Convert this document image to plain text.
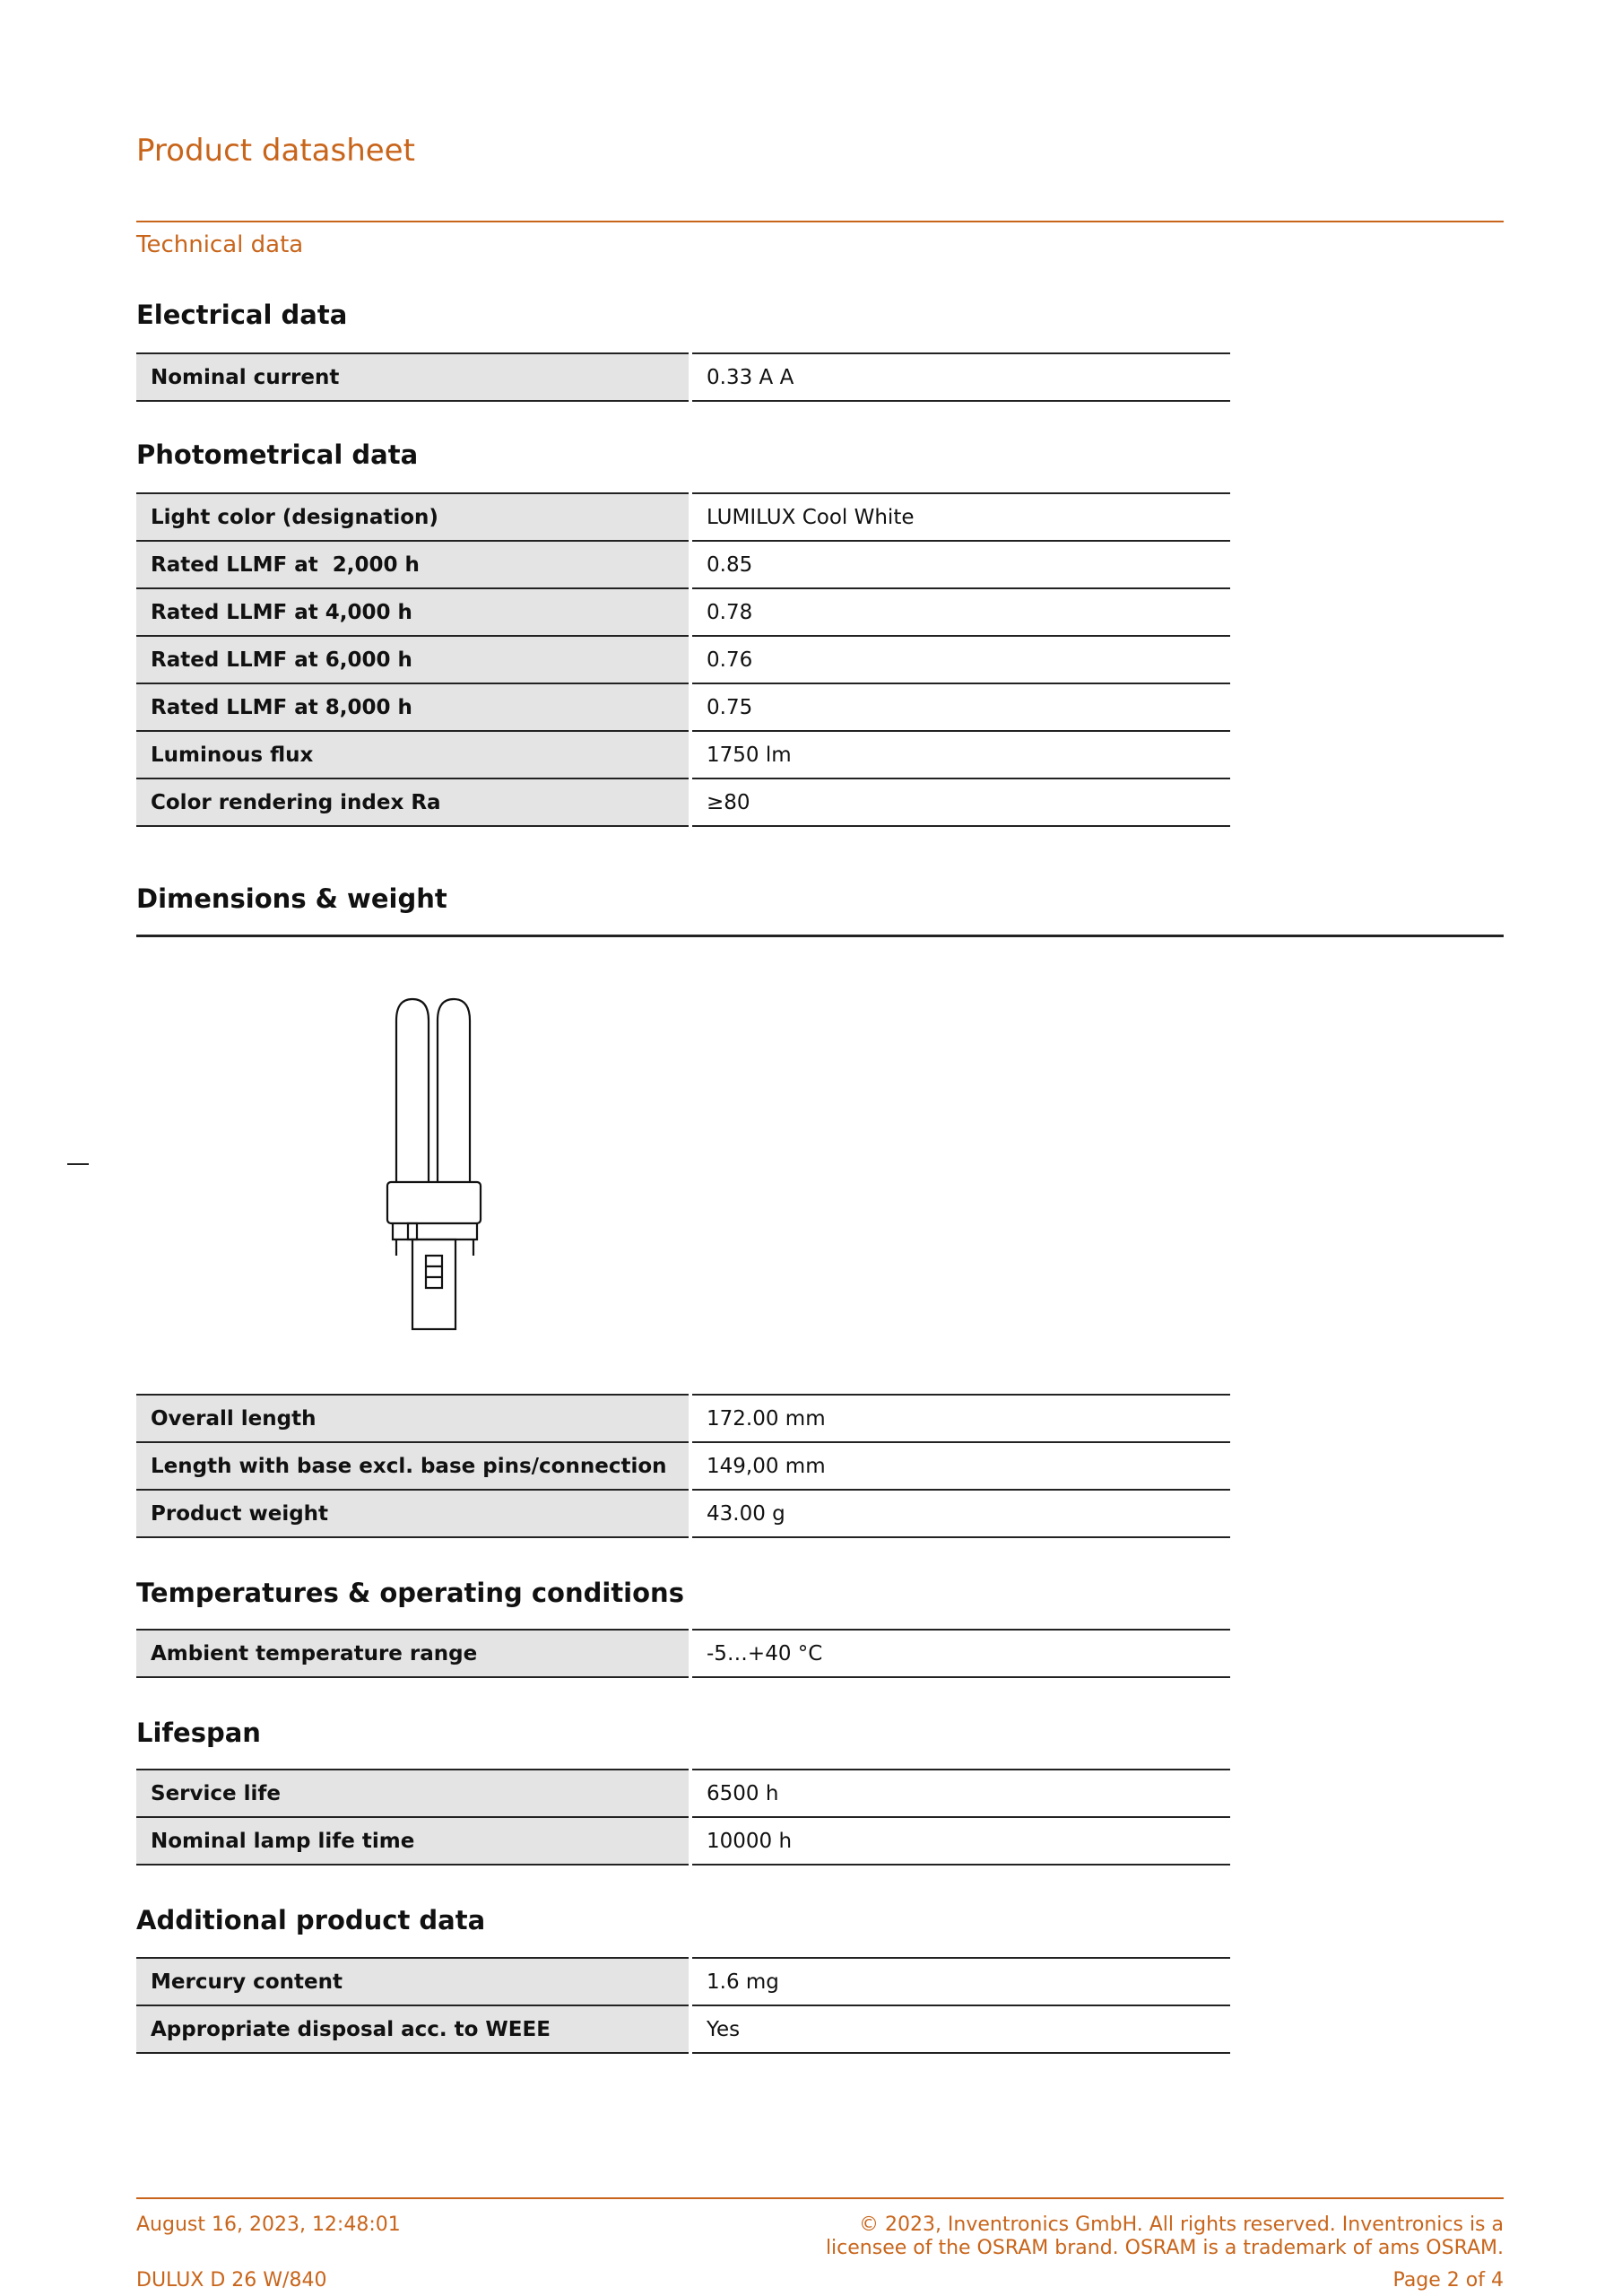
Product datasheet
Technical data
Electrical data
Nominal current	0.33 A A
Photometrical data
Light color (designation)	LUMILUX Cool White
Rated LLMF at  2,000 h	0.85
Rated LLMF at 4,000 h	0.78
Rated LLMF at 6,000 h	0.76
Rated LLMF at 8,000 h	0.75
Luminous flux	1750 lm
Color rendering index Ra	≥80
Dimensions & weight
Overall length	172.00 mm
Length with base excl. base pins/connection	149,00 mm
Product weight	43.00 g
Temperatures & operating conditions
Ambient temperature range	-5…+40 °C
Lifespan
Service life	6500 h
Nominal lamp life time	10000 h
Additional product data
Mercury content	1.6 mg
Appropriate disposal acc. to WEEE	Yes
August 16, 2023, 12:48:01	© 2023, Inventronics GmbH. All rights reserved. Inventronics is a
licensee of the OSRAM brand. OSRAM is a trademark of ams OSRAM.
DULUX D 26 W/840	Page 2 of 4
